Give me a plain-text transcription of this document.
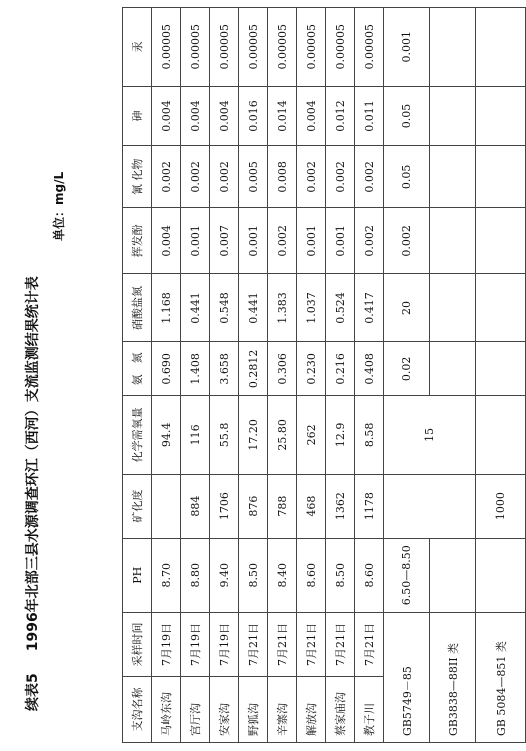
续表51996年北部三县水源调查环江（西河）支流监测结果统计表
单位：mg/L
支沟名称	采样时间	PH	矿化度	化学需氧量	氨　氮	硝酸盐氮	挥发酚	氰 化物	砷	汞
马岭东沟	7月19日	8.70		94.4	0.690	1.168	0.004	0.002	0.004	0.00005
宫厅沟	7月19日	8.80	884	116	1.408	0.441	0.001	0.002	0.004	0.00005
安家沟	7月19日	9.40	1706	55.8	3.658	0.548	0.007	0.002	0.004	0.00005
野狐沟	7月21日	8.50	876	17.20	0.2812	0.441	0.001	0.005	0.016	0.00005
辛寨沟	7月21日	8.40	788	25.80	0.306	1.383	0.002	0.008	0.014	0.00005
解放沟	7月21日	8.60	468	262	0.230	1.037	0.001	0.002	0.004	0.00005
蔡家庙沟	7月21日	8.50	1362	12.9	0.216	0.524	0.001	0.002	0.012	0.00005
教子川	7月21日	8.60	1178	8.58	0.408	0.417	0.002	0.002	0.011	0.00005
GB5749－85		6.50—8.50		15	0.02	20	0.002	0.05	0.05	0.001
GB3838—88II 类										
GB 5084—851 类			1000							
